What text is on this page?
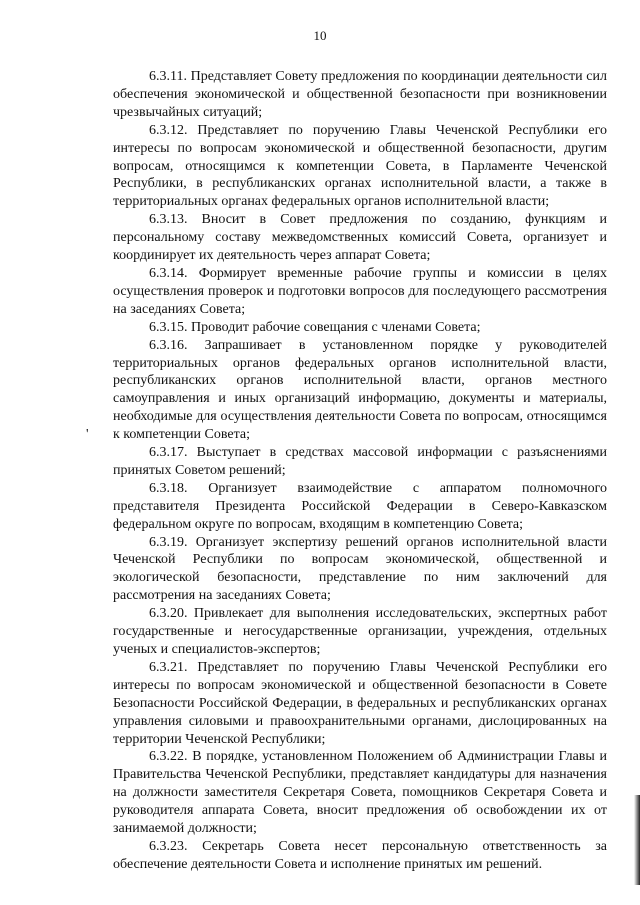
10
'

6.3.11. Представляет Совету предложения по координации деятельности сил обеспечения экономической и общественной безопасности при возникновении чрезвычайных ситуаций;

6.3.12. Представляет по поручению Главы Чеченской Республики его интересы по вопросам экономической и общественной безопасности, другим вопросам, относящимся к компетенции Совета, в Парламенте Чеченской Республики, в республиканских органах исполнительной власти, а также в территориальных органах федеральных органов исполнительной власти;

6.3.13. Вносит в Совет предложения по созданию, функциям и персональному составу межведомственных комиссий Совета, организует и координирует их деятельность через аппарат Совета;

6.3.14. Формирует временные рабочие группы и комиссии в целях осуществления проверок и подготовки вопросов для последующего рассмотрения на заседаниях Совета;

6.3.15. Проводит рабочие совещания с членами Совета;

6.3.16. Запрашивает в установленном порядке у руководителей территориальных органов федеральных органов исполнительной власти, республиканских органов исполнительной власти, органов местного самоуправления и иных организаций информацию, документы и материалы, необходимые для осуществления деятельности Совета по вопросам, относящимся к компетенции Совета;

6.3.17. Выступает в средствах массовой информации с разъяснениями принятых Советом решений;

6.3.18. Организует взаимодействие с аппаратом полномочного представителя Президента Российской Федерации в Северо-Кавказском федеральном округе по вопросам, входящим в компетенцию Совета;

6.3.19. Организует экспертизу решений органов исполнительной власти Чеченской Республики по вопросам экономической, общественной и экологической безопасности, представление по ним заключений для рассмотрения на заседаниях Совета;

6.3.20. Привлекает для выполнения исследовательских, экспертных работ государственные и негосударственные организации, учреждения, отдельных ученых и специалистов-экспертов;

6.3.21. Представляет по поручению Главы Чеченской Республики его интересы по вопросам экономической и общественной безопасности в Совете Безопасности Российской Федерации, в федеральных и республиканских органах управления силовыми и правоохранительными органами, дислоцированных на территории Чеченской Республики;

6.3.22. В порядке, установленном Положением об Администрации Главы и Правительства Чеченской Республики, представляет кандидатуры для назначения на должности заместителя Секретаря Совета, помощников Секретаря Совета и руководителя аппарата Совета, вносит предложения об освобождении их от занимаемой должности;

6.3.23. Секретарь Совета несет персональную ответственность за обеспечение деятельности Совета и исполнение принятых им решений.
